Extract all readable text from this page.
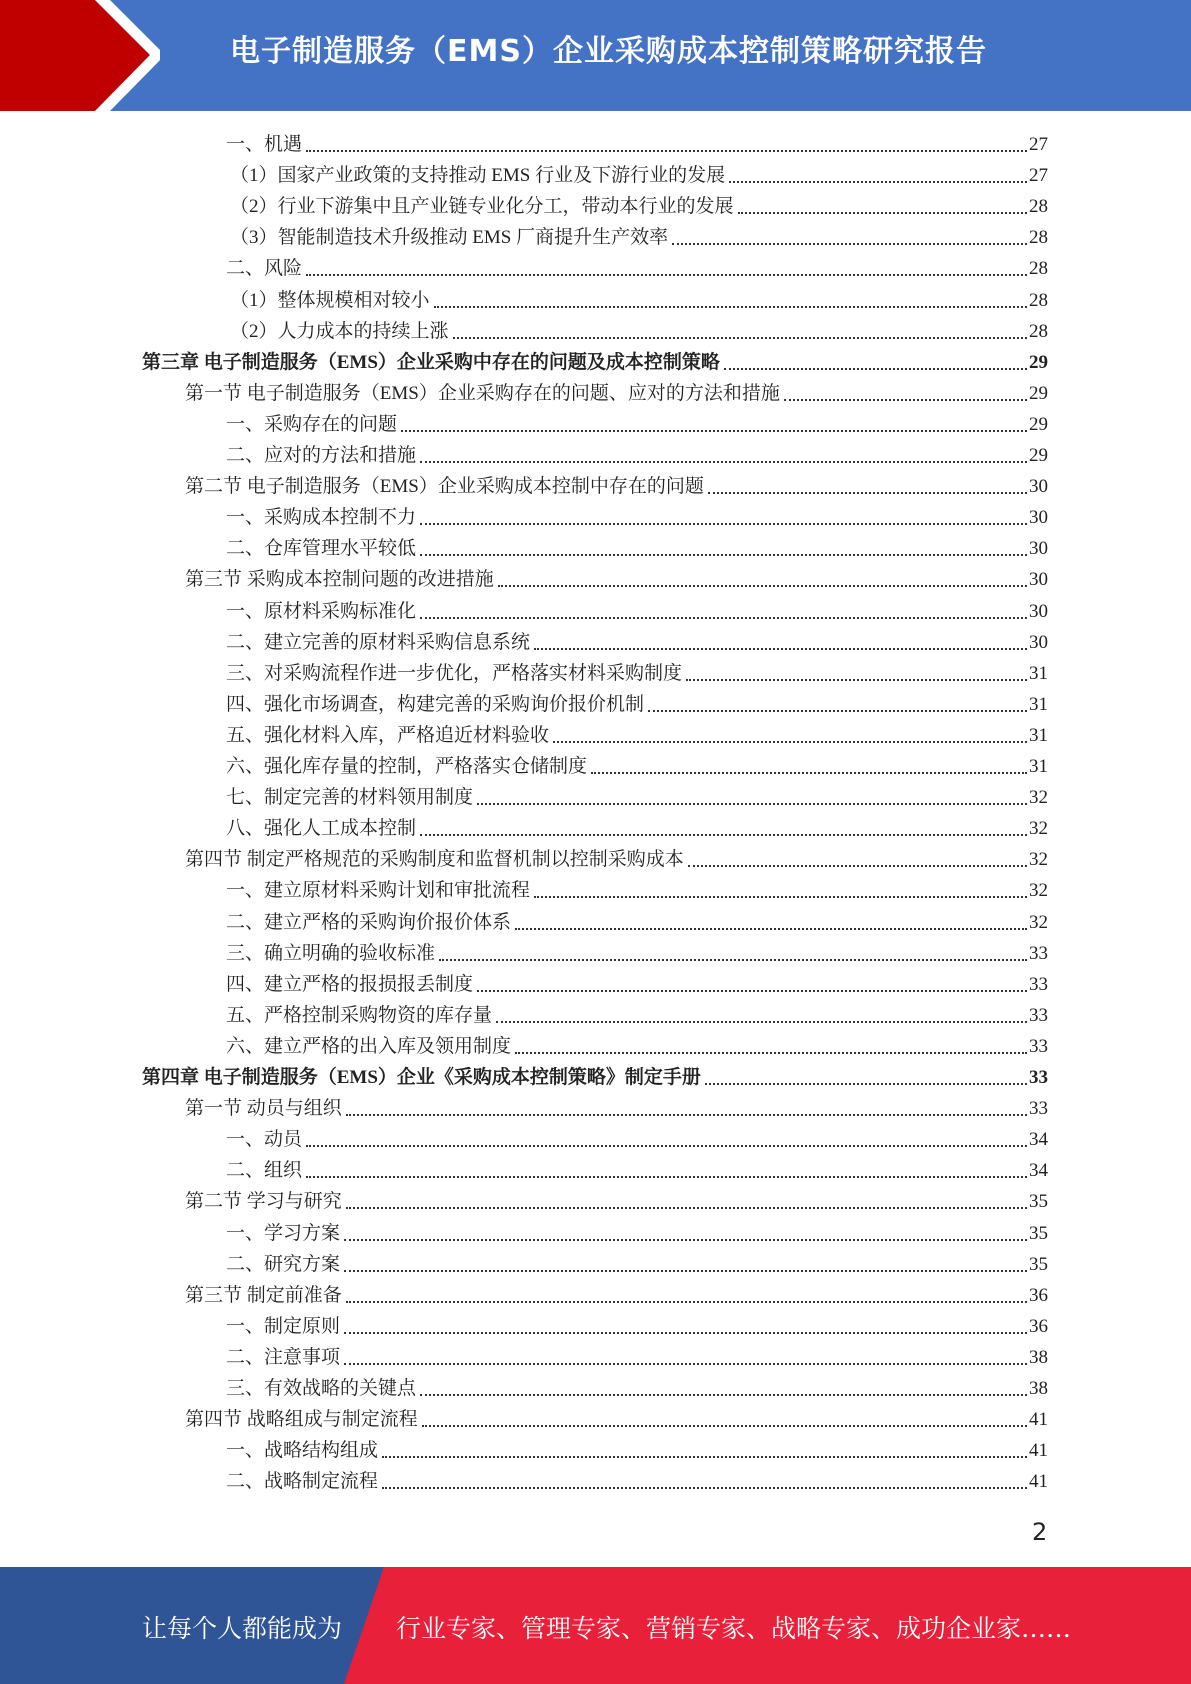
电子制造服务（EMS）企业采购成本控制策略研究报告
一、机遇	27
（1）国家产业政策的支持推动 EMS 行业及下游行业的发展	27
（2）行业下游集中且产业链专业化分工，带动本行业的发展	28
（3）智能制造技术升级推动 EMS 厂商提升生产效率	28
二、风险	28
（1）整体规模相对较小	28
（2）人力成本的持续上涨	28
第三章 电子制造服务（EMS）企业采购中存在的问题及成本控制策略	29
第一节 电子制造服务（EMS）企业采购存在的问题、应对的方法和措施	29
一、采购存在的问题	29
二、应对的方法和措施	29
第二节 电子制造服务（EMS）企业采购成本控制中存在的问题	30
一、采购成本控制不力	30
二、仓库管理水平较低	30
第三节 采购成本控制问题的改进措施	30
一、原材料采购标准化	30
二、建立完善的原材料采购信息系统	30
三、对采购流程作进一步优化，严格落实材料采购制度	31
四、强化市场调查，构建完善的采购询价报价机制	31
五、强化材料入库，严格追近材料验收	31
六、强化库存量的控制，严格落实仓储制度	31
七、制定完善的材料领用制度	32
八、强化人工成本控制	32
第四节 制定严格规范的采购制度和监督机制以控制采购成本	32
一、建立原材料采购计划和审批流程	32
二、建立严格的采购询价报价体系	32
三、确立明确的验收标准	33
四、建立严格的报损报丢制度	33
五、严格控制采购物资的库存量	33
六、建立严格的出入库及领用制度	33
第四章 电子制造服务（EMS）企业《采购成本控制策略》制定手册	33
第一节 动员与组织	33
一、动员	34
二、组织	34
第二节 学习与研究	35
一、学习方案	35
二、研究方案	35
第三节 制定前准备	36
一、制定原则	36
二、注意事项	38
三、有效战略的关键点	38
第四节 战略组成与制定流程	41
一、战略结构组成	41
二、战略制定流程	41
2
让每个人都能成为 行业专家、管理专家、营销专家、战略专家、成功企业家……
